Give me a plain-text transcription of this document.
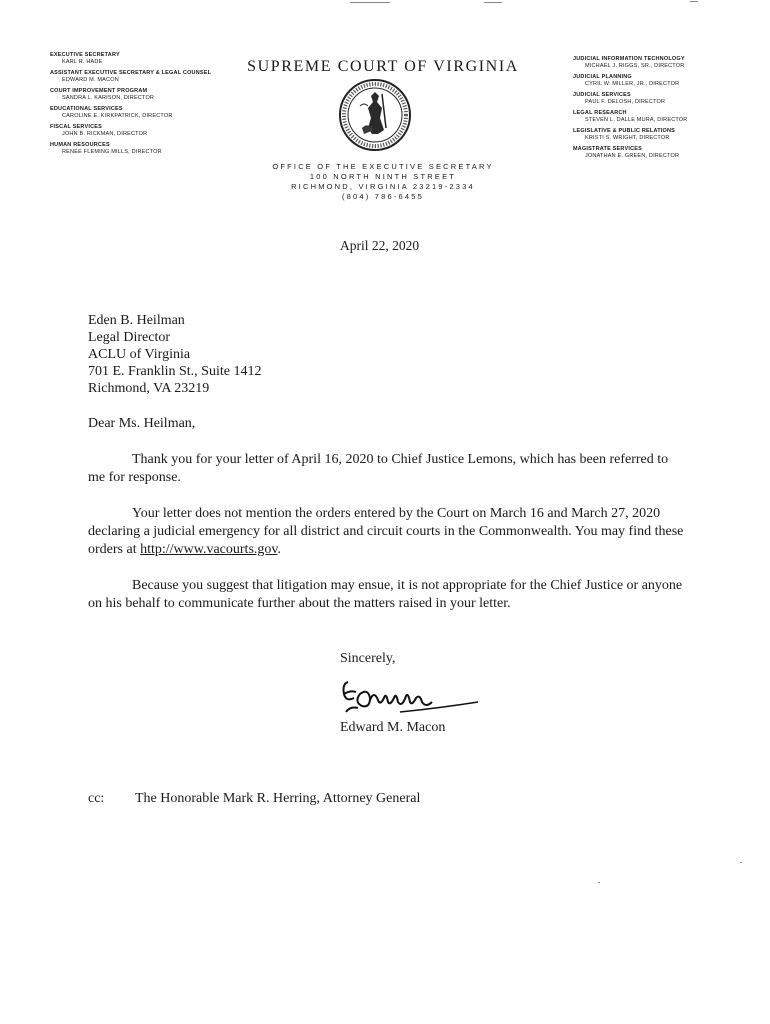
EXECUTIVE SECRETARY
KARL R. HADE
ASSISTANT EXECUTIVE SECRETARY & LEGAL COUNSEL
EDWARD M. MACON
COURT IMPROVEMENT PROGRAM
SANDRA L. KARISON, DIRECTOR
EDUCATIONAL SERVICES
CAROLINE E. KIRKPATRICK, DIRECTOR
FISCAL SERVICES
JOHN B. RICKMAN, DIRECTOR
HUMAN RESOURCES
RENÉE FLEMING MILLS, DIRECTOR
SUPREME COURT OF VIRGINIA
OFFICE OF THE EXECUTIVE SECRETARY
100 NORTH NINTH STREET
RICHMOND, VIRGINIA 23219-2334
(804) 786-6455
JUDICIAL INFORMATION TECHNOLOGY
MICHAEL J. RIGGS, SR., DIRECTOR
JUDICIAL PLANNING
CYRIL W. MILLER, JR., DIRECTOR
JUDICIAL SERVICES
PAUL F. DELOSH, DIRECTOR
LEGAL RESEARCH
STEVEN L. DALLE MURA, DIRECTOR
LEGISLATIVE & PUBLIC RELATIONS
KRISTI S. WRIGHT, DIRECTOR
MAGISTRATE SERVICES
JONATHAN E. GREEN, DIRECTOR
April 22, 2020
Eden B. Heilman
Legal Director
ACLU of Virginia
701 E. Franklin St., Suite 1412
Richmond, VA 23219
Dear Ms. Heilman,
Thank you for your letter of April 16, 2020 to Chief Justice Lemons, which has been referred to me for response.
Your letter does not mention the orders entered by the Court on March 16 and March 27, 2020 declaring a judicial emergency for all district and circuit courts in the Commonwealth. You may find these orders at http://www.vacourts.gov.
Because you suggest that litigation may ensue, it is not appropriate for the Chief Justice or anyone on his behalf to communicate further about the matters raised in your letter.
Sincerely,
Edward M. Macon
cc: The Honorable Mark R. Herring, Attorney General
